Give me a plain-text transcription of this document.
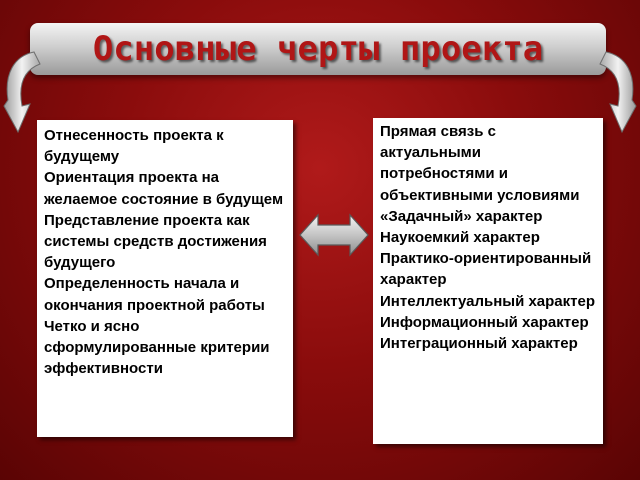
Основные черты проекта
Отнесенность проекта к будущему
Ориентация проекта на желаемое состояние в будущем
Представление проекта как системы средств достижения будущего
Определенность начала и окончания проектной работы
Четко и ясно сформулированные критерии эффективности
Прямая связь с актуальными потребностями и объективными условиями
«Задачный» характер
Наукоемкий характер
Практико-ориентированный характер
Интеллектуальный характер
Информационный характер
Интеграционный характер
